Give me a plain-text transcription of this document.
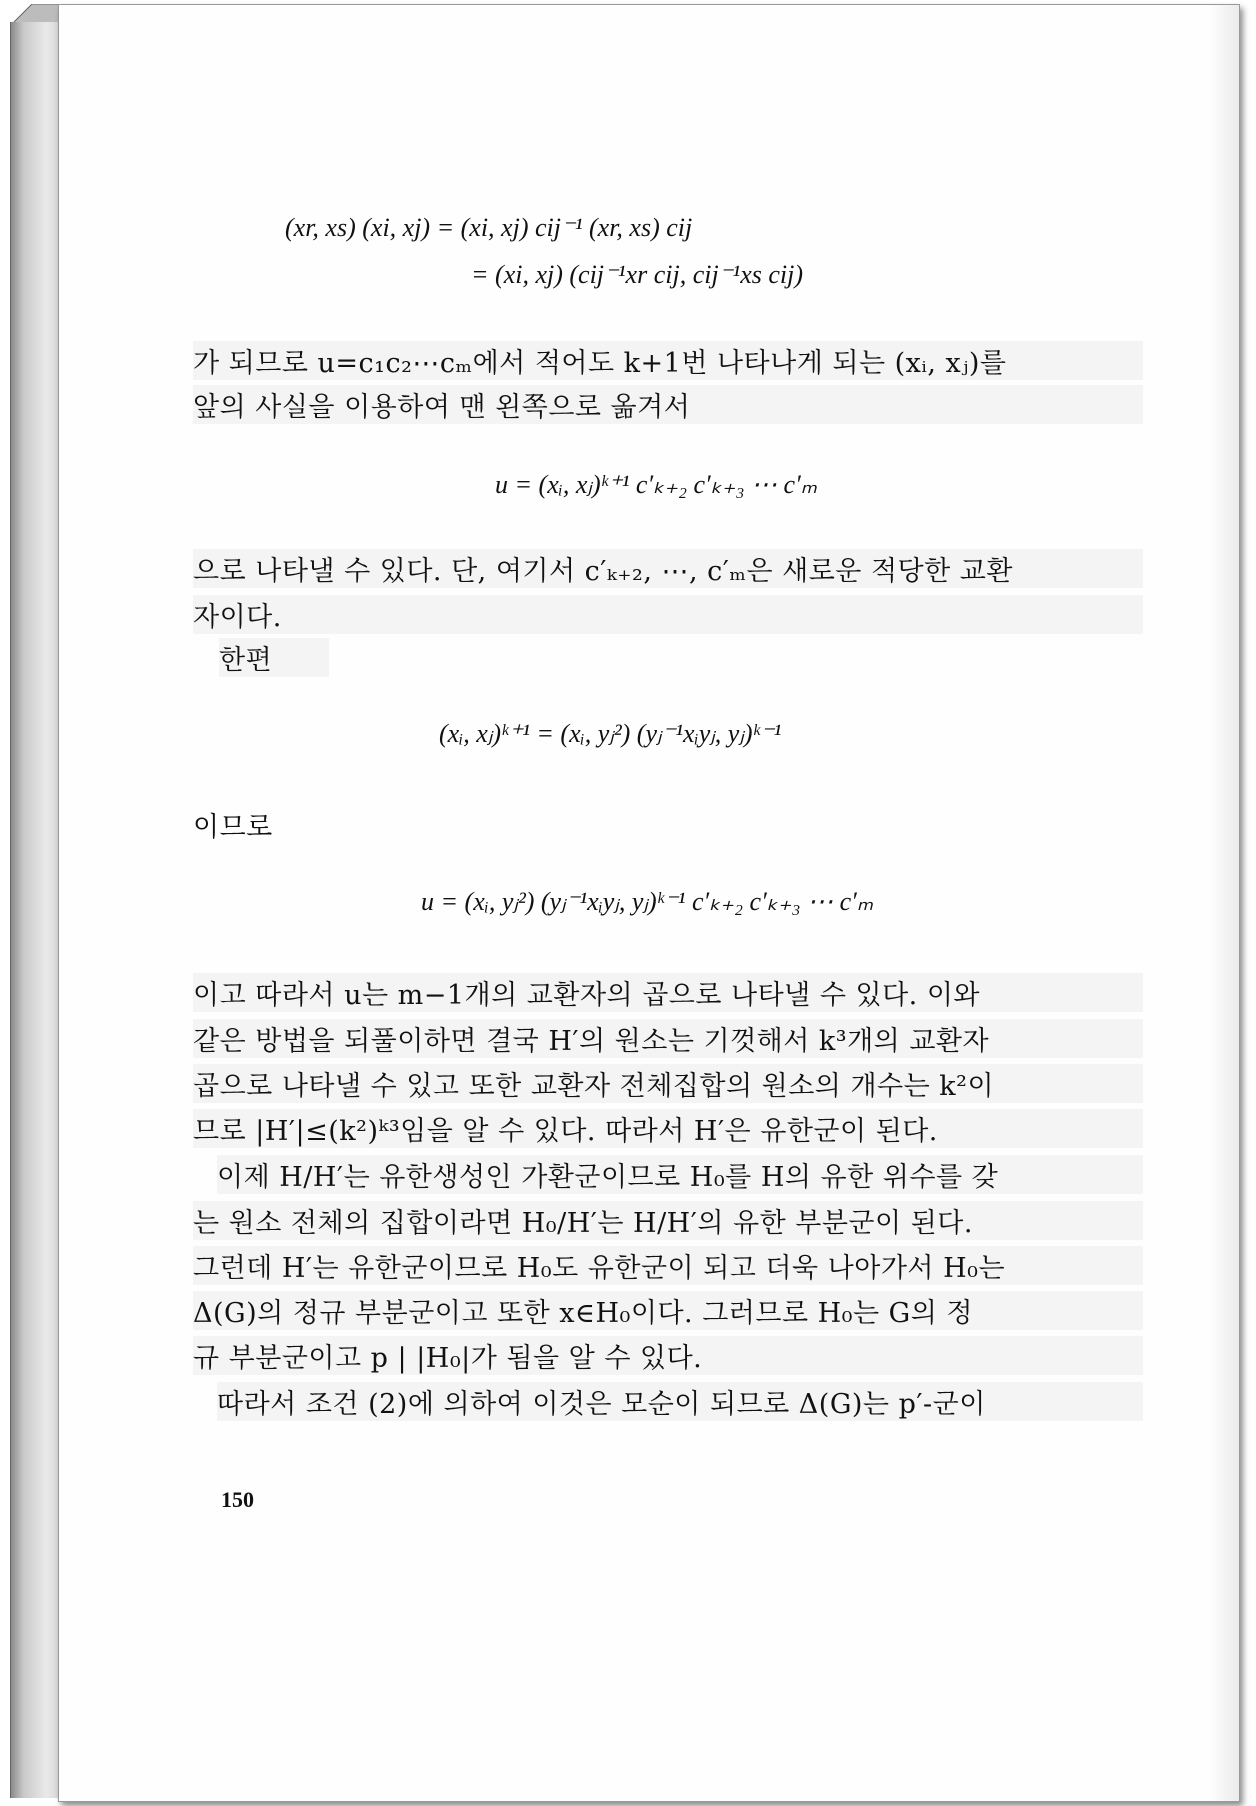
(xr, xs) (xi, xj) = (xi, xj) cij⁻¹ (xr, xs) cij
= (xi, xj) (cij⁻¹xr cij, cij⁻¹xs cij)
가 되므로 u=c₁c₂⋯cₘ에서 적어도 k+1번 나타나게 되는 (xᵢ, xⱼ)를
앞의 사실을 이용하여 맨 왼쪽으로 옮겨서
u = (xᵢ, xⱼ)ᵏ⁺¹ c′ₖ₊₂ c′ₖ₊₃ ⋯ c′ₘ
으로 나타낼 수 있다. 단, 여기서 c′ₖ₊₂, ⋯, c′ₘ은 새로운 적당한 교환
자이다.
한편
(xᵢ, xⱼ)ᵏ⁺¹ = (xᵢ, yⱼ²) (yⱼ⁻¹xᵢyⱼ, yⱼ)ᵏ⁻¹
이므로
u = (xᵢ, yⱼ²) (yⱼ⁻¹xᵢyⱼ, yⱼ)ᵏ⁻¹ c′ₖ₊₂ c′ₖ₊₃ ⋯ c′ₘ
이고 따라서 u는 m−1개의 교환자의 곱으로 나타낼 수 있다. 이와
같은 방법을 되풀이하면 결국 H′의 원소는 기껏해서 k³개의 교환자
곱으로 나타낼 수 있고 또한 교환자 전체집합의 원소의 개수는 k²이
므로 |H′|≤(k²)ᵏ³임을 알 수 있다. 따라서 H′은 유한군이 된다.
이제 H/H′는 유한생성인 가환군이므로 H₀를 H의 유한 위수를 갖
는 원소 전체의 집합이라면 H₀/H′는 H/H′의 유한 부분군이 된다.
그런데 H′는 유한군이므로 H₀도 유한군이 되고 더욱 나아가서 H₀는
Δ(G)의 정규 부분군이고 또한 x∈H₀이다. 그러므로 H₀는 G의 정
규 부분군이고 p | |H₀|가 됨을 알 수 있다.
따라서 조건 (2)에 의하여 이것은 모순이 되므로 Δ(G)는 p′-군이
150
